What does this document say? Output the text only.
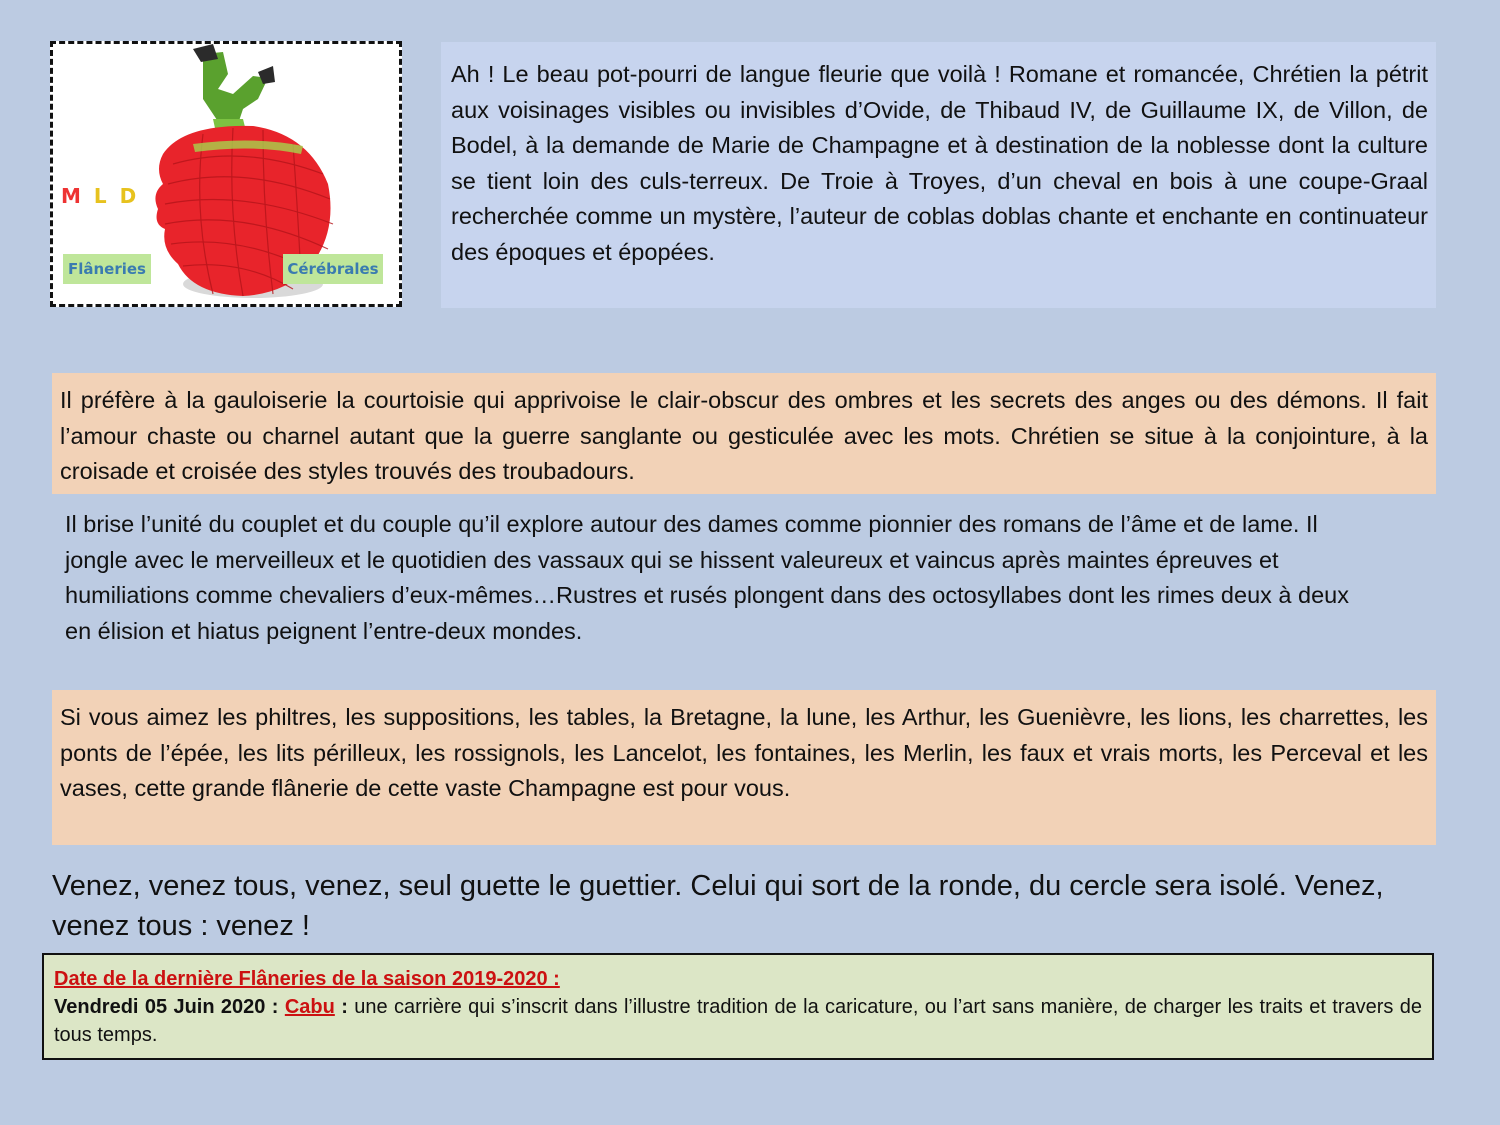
M L D
Flâneries	Cérébrales
Ah ! Le beau pot-pourri de langue fleurie que voilà ! Romane et romancée, Chrétien la pétrit aux voisinages visibles ou invisibles d’Ovide, de Thibaud IV, de Guillaume IX, de Villon, de Bodel, à la demande de Marie de Champagne et à destination de la noblesse dont la culture se tient loin des culs-terreux. De Troie à Troyes, d’un cheval en bois à une coupe-Graal recherchée comme un mystère, l’auteur de coblas doblas chante et enchante en continuateur des époques et épopées.
Il préfère à la gauloiserie la courtoisie qui apprivoise le clair-obscur des ombres et les secrets des anges ou des démons. Il fait l’amour chaste ou charnel autant que la guerre sanglante ou gesticulée avec les mots. Chrétien se situe à la conjointure, à la croisade et croisée des styles trouvés des troubadours.
Il brise l’unité du couplet et du couple qu’il explore autour des dames comme pionnier des romans de l’âme et de lame. Il jongle avec le merveilleux et le quotidien des vassaux qui se hissent valeureux et vaincus après maintes épreuves et humiliations comme chevaliers d’eux-mêmes…Rustres et rusés plongent dans des octosyllabes dont les rimes deux à deux en élision et hiatus peignent l’entre-deux mondes.
Si vous aimez les philtres, les suppositions, les tables, la Bretagne, la lune, les Arthur, les Guenièvre, les lions, les charrettes, les ponts de l’épée, les lits périlleux, les rossignols, les Lancelot, les fontaines, les Merlin, les faux et vrais morts, les Perceval et les vases, cette grande flânerie de cette vaste Champagne est pour vous.
Venez, venez tous, venez, seul guette le guettier. Celui qui sort de la ronde, du cercle sera isolé. Venez, venez tous : venez !
Date de la dernière Flâneries de la saison 2019-2020 :
Vendredi 05 Juin 2020 : Cabu : une carrière qui s’inscrit dans l’illustre tradition de la caricature, ou l’art sans manière, de charger les traits et travers de tous temps.
